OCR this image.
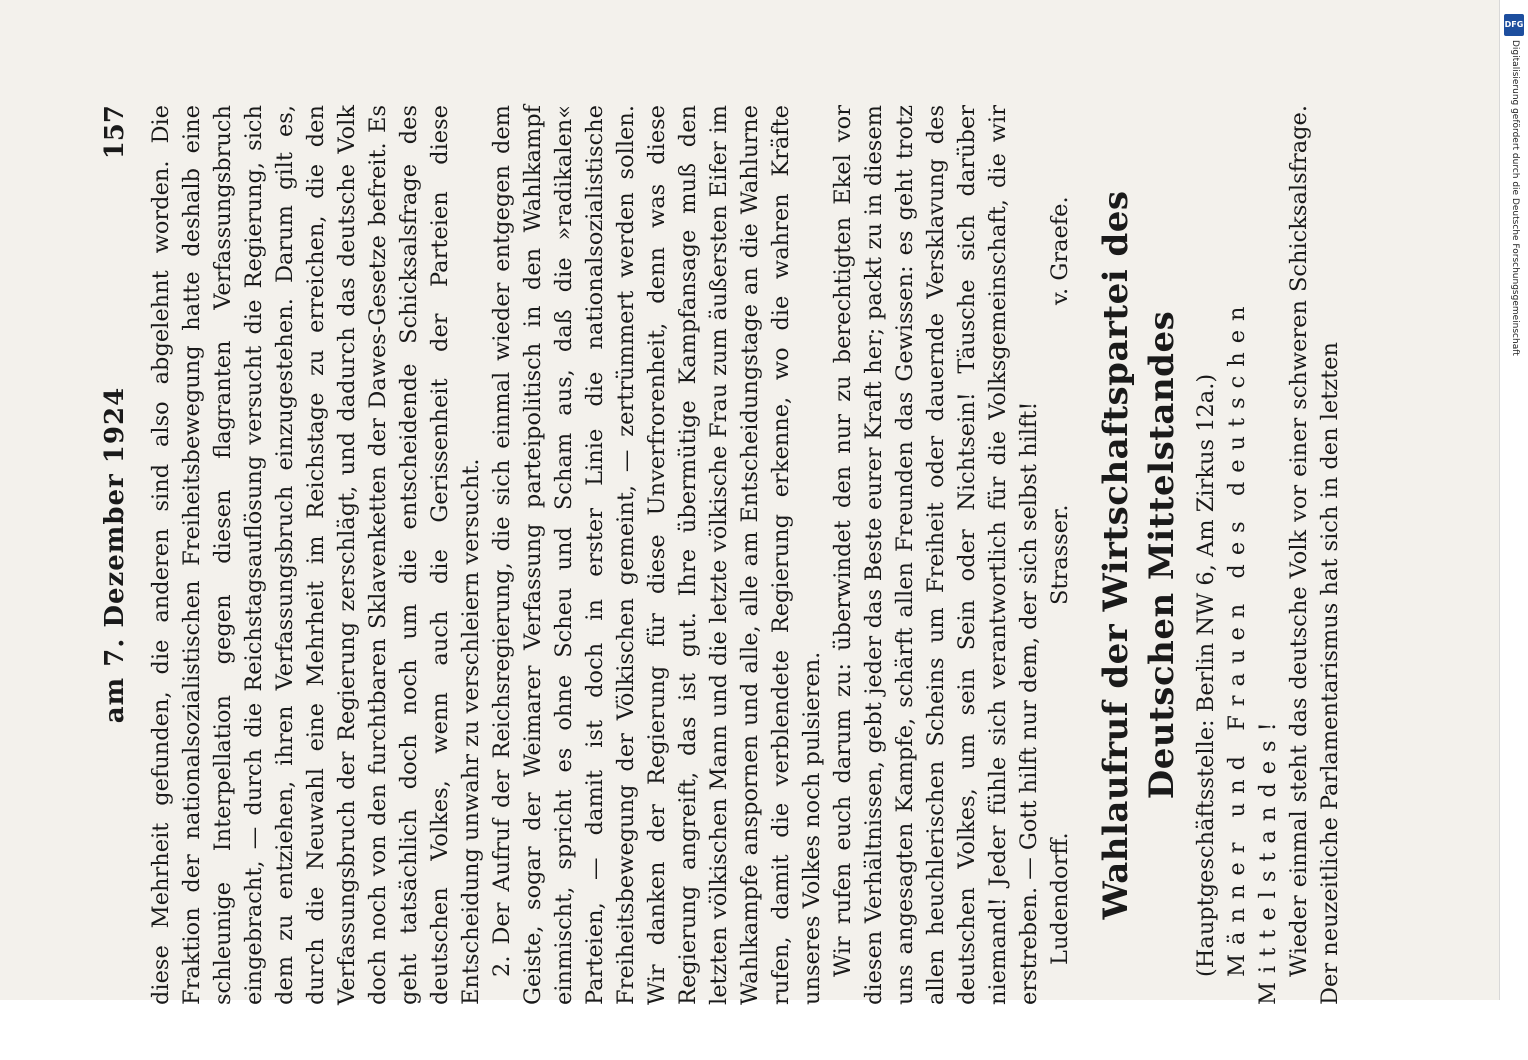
am 7. Dezember 1924
157 diese Mehrheit gefunden, die anderen sind also abgelehnt worden. Die Fraktion der nationalsozialistischen Freiheitsbewegung hatte deshalb eine schleunige Interpellation gegen diesen flagranten Verfassungsbruch eingebracht, — durch die Reichstagsauflösung versucht die Regierung, sich dem zu entziehen, ihren Verfassungsbruch einzugestehen. Darum gilt es, durch die Neuwahl eine Mehrheit im Reichstage zu erreichen, die den Verfassungsbruch der Regierung zerschlägt, und dadurch das deutsche Volk doch noch von den furchtbaren Sklavenketten der Dawes-Gesetze befreit. Es geht tatsächlich doch noch um die entscheidende Schicksalsfrage des deutschen Volkes, wenn auch die Gerissenheit der Parteien diese Entscheidung unwahr zu verschleiern versucht. 2. Der Aufruf der Reichsregierung, die sich einmal wieder entgegen dem Geiste, sogar der Weimarer Verfassung parteipolitisch in den Wahlkampf einmischt, spricht es ohne Scheu und Scham aus, daß die »radikalen« Parteien, — damit ist doch in erster Linie die nationalsozialistische Freiheitsbewegung der Völkischen gemeint, — zertrümmert werden sollen. Wir danken der Regierung für diese Unverfrorenheit, denn was diese Regierung angreift, das ist gut. Ihre übermütige Kampfansage muß den letzten völkischen Mann und die letzte völkische Frau zum äußersten Eifer im Wahlkampfe anspornen und alle, alle am Entscheidungstage an die Wahlurne rufen, damit die verblendete Regierung erkenne, wo die wahren Kräfte unseres Volkes noch pulsieren. Wir rufen euch darum zu: überwindet den nur zu berechtigten Ekel vor diesen Verhältnissen, gebt jeder das Beste eurer Kraft her; packt zu in diesem uns angesagten Kampfe, schärft allen Freunden das Gewissen: es geht trotz allen heuchlerischen Scheins um Freiheit oder dauernde Versklavung des deutschen Volkes, um sein Sein oder Nichtsein! Täusche sich darüber niemand! Jeder fühle sich verantwortlich für die Volksgemeinschaft, die wir erstreben. — Gott hilft nur dem, der sich selbst hilft! Ludendorff.
Strasser.
v. Graefe. Wahlaufruf der Wirtschaftspartei des Deutschen Mittelstandes (Hauptgeschäftsstelle: Berlin NW 6, Am Zirkus 12a.) Männer und Frauen des deutschen Mittelstandes! Wieder einmal steht das deutsche Volk vor einer schweren Schicksalsfrage. Der neuzeitliche Parlamentarismus hat sich in den letzten

DFG
Digitalisierung gefördert durch die Deutsche Forschungsgemeinschaft
